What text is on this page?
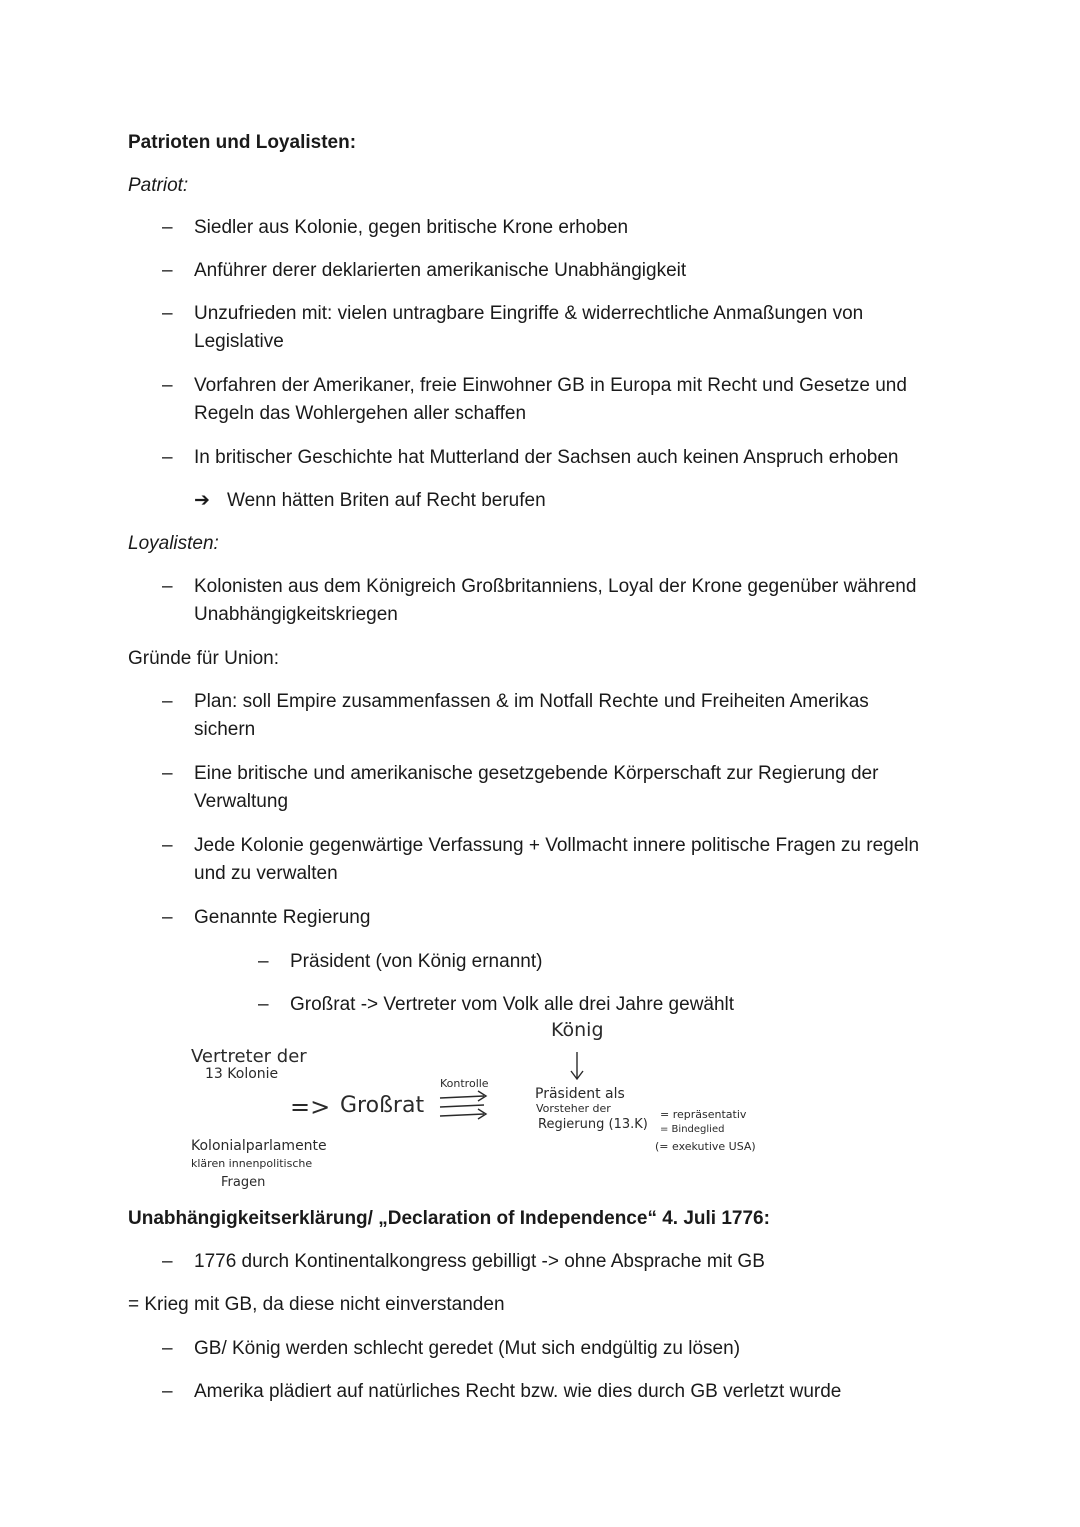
Patrioten und Loyalisten:
Patriot:
– Siedler aus Kolonie, gegen britische Krone erhoben
– Anführer derer deklarierten amerikanische Unabhängigkeit
– Unzufrieden mit: vielen untragbare Eingriffe & widerrechtliche Anmaßungen von
Legislative
– Vorfahren der Amerikaner, freie Einwohner GB in Europa mit Recht und Gesetze und
Regeln das Wohlergehen aller schaffen
– In britischer Geschichte hat Mutterland der Sachsen auch keinen Anspruch erhoben
➔ Wenn hätten Briten auf Recht berufen
Loyalisten:
– Kolonisten aus dem Königreich Großbritanniens, Loyal der Krone gegenüber während
Unabhängigkeitskriegen
Gründe für Union:
– Plan: soll Empire zusammenfassen & im Notfall Rechte und Freiheiten Amerikas
sichern
– Eine britische und amerikanische gesetzgebende Körperschaft zur Regierung der
Verwaltung
– Jede Kolonie gegenwärtige Verfassung + Vollmacht innere politische Fragen zu regeln
und zu verwalten
– Genannte Regierung
– Präsident (von König ernannt)
– Großrat -> Vertreter vom Volk alle drei Jahre gewählt
König
Vertreter der
13 Kolonie
=> Großrat
Kontrolle
Präsident als
Vorsteher der
Regierung (13.K)
= repräsentativ
= Bindeglied
(= exekutive USA)
Kolonialparlamente
klären innenpolitische
Fragen
Unabhängigkeitserklärung/ „Declaration of Independence“ 4. Juli 1776:
– 1776 durch Kontinentalkongress gebilligt -> ohne Absprache mit GB
= Krieg mit GB, da diese nicht einverstanden
– GB/ König werden schlecht geredet (Mut sich endgültig zu lösen)
– Amerika plädiert auf natürliches Recht bzw. wie dies durch GB verletzt wurde
